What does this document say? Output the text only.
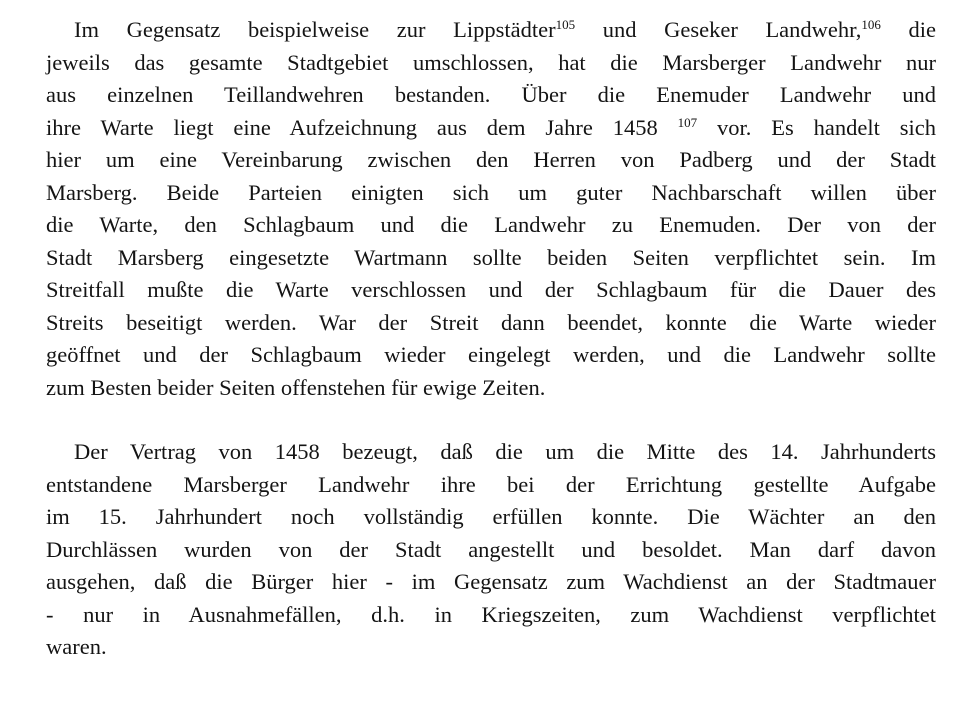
Im Gegensatz beispielweise zur Lippstädter$^{105}$ und Geseker Landwehr,$^{106}$ die
jeweils das gesamte Stadtgebiet umschlossen, hat die Marsberger Landwehr nur
aus einzelnen Teillandwehren bestanden. Über die Enemuder Landwehr und
ihre Warte liegt eine Aufzeichnung aus dem Jahre 1458 $^{107}$ vor. Es handelt sich
hier um eine Vereinbarung zwischen den Herren von Padberg und der Stadt
Marsberg. Beide Parteien einigten sich um guter Nachbarschaft willen über
die Warte, den Schlagbaum und die Landwehr zu Enemuden. Der von der
Stadt Marsberg eingesetzte Wartmann sollte beiden Seiten verpflichtet sein. Im
Streitfall mußte die Warte verschlossen und der Schlagbaum für die Dauer des
Streits beseitigt werden. War der Streit dann beendet, konnte die Warte wieder
geöffnet und der Schlagbaum wieder eingelegt werden, und die Landwehr sollte
zum Besten beider Seiten offenstehen für ewige Zeiten.
Der Vertrag von 1458 bezeugt, daß die um die Mitte des 14. Jahrhunderts
entstandene Marsberger Landwehr ihre bei der Errichtung gestellte Aufgabe
im 15. Jahrhundert noch vollständig erfüllen konnte. Die Wächter an den
Durchlässen wurden von der Stadt angestellt und besoldet. Man darf davon
ausgehen, daß die Bürger hier - im Gegensatz zum Wachdienst an der Stadtmauer
- nur in Ausnahmefällen, d.h. in Kriegszeiten, zum Wachdienst verpflichtet
waren.
